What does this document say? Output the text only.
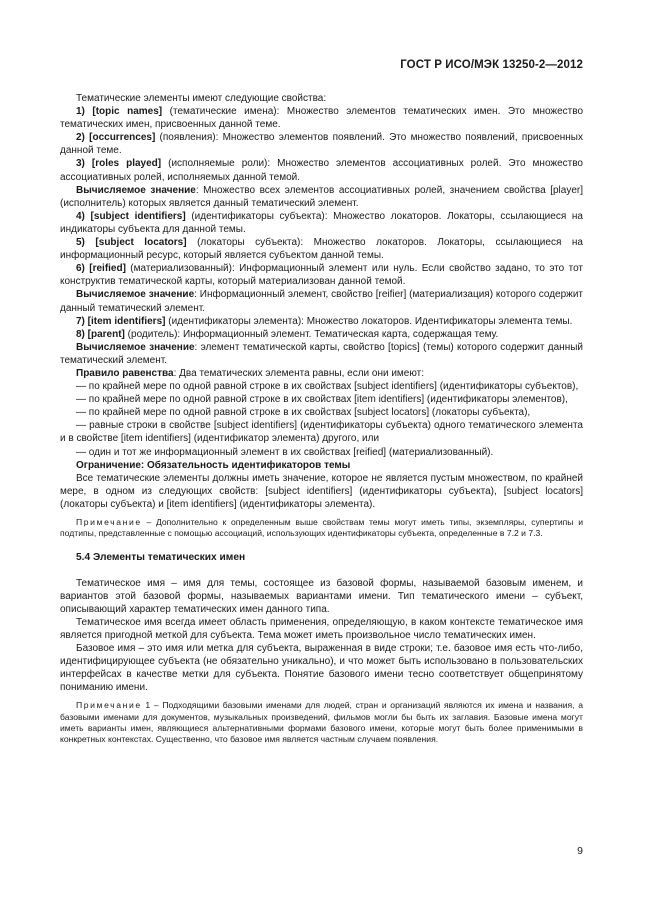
ГОСТ Р ИСО/МЭК 13250-2—2012

Тематические элементы имеют следующие свойства:

1) [topic names] (тематические имена): Множество элементов тематических имен. Это множество тематических имен, присвоенных данной теме.

2) [occurrences] (появления): Множество элементов появлений. Это множество появлений, присвоенных данной теме.

3) [roles played] (исполняемые роли): Множество элементов ассоциативных ролей. Это множество ассоциативных ролей, исполняемых данной темой.

Вычисляемое значение: Множество всех элементов ассоциативных ролей, значением свойства [player] (исполнитель) которых является данный тематический элемент.

4) [subject identifiers] (идентификаторы субъекта): Множество локаторов. Локаторы, ссылающиеся на индикаторы субъекта для данной темы.

5) [subject locators] (локаторы субъекта): Множество локаторов. Локаторы, ссылающиеся на информационный ресурс, который является субъектом данной темы.

6) [reified] (материализованный): Информационный элемент или нуль. Если свойство задано, то это тот конструктив тематической карты, который материализован данной темой.

Вычисляемое значение: Информационный элемент, свойство [reifier] (материализация) которого содержит данный тематический элемент.

7) [item identifiers] (идентификаторы элемента): Множество локаторов. Идентификаторы элемента темы.

8) [parent] (родитель): Информационный элемент. Тематическая карта, содержащая тему.

Вычисляемое значение: элемент тематической карты, свойство [topics] (темы) которого содержит данный тематический элемент.

Правило равенства: Два тематических элемента равны, если они имеют:

— по крайней мере по одной равной строке в их свойствах [subject identifiers] (идентификаторы субъектов),

— по крайней мере по одной равной строке в их свойствах [item identifiers] (идентификаторы элементов),

— по крайней мере по одной равной строке в их свойствах [subject locators] (локаторы субъекта),

— равные строки в свойстве [subject identifiers] (идентификаторы субъекта) одного тематического элемента и в свойстве [item identifiers] (идентификатор элемента) другого, или

— один и тот же информационный элемент в их свойствах [reified] (материализованный).

Ограничение: Обязательность идентификаторов темы

Все тематические элементы должны иметь значение, которое не является пустым множеством, по крайней мере, в одном из следующих свойств: [subject identifiers] (идентификаторы субъекта), [subject locators] (локаторы субъекта) и [item identifiers] (идентификаторы элемента).

Примечание – Дополнительно к определенным выше свойствам темы могут иметь типы, экземпляры, супертипы и подтипы, представленные с помощью ассоциаций, использующих идентификаторы субъекта, определенные в 7.2 и 7.3.

5.4 Элементы тематических имен

Тематическое имя – имя для темы, состоящее из базовой формы, называемой базовым именем, и вариантов этой базовой формы, называемых вариантами имени. Тип тематического имени – субъект, описывающий характер тематических имен данного типа.

Тематическое имя всегда имеет область применения, определяющую, в каком контексте тематическое имя является пригодной меткой для субъекта. Тема может иметь произвольное число тематических имен.

Базовое имя – это имя или метка для субъекта, выраженная в виде строки; т.е. базовое имя есть что-либо, идентифицирующее субъекта (не обязательно уникально), и что может быть использовано в пользовательских интерфейсах в качестве метки для субъекта. Понятие базового имени тесно соответствует общепринятому пониманию имени.

Примечание 1 – Подходящими базовыми именами для людей, стран и организаций являются их имена и названия, а базовыми именами для документов, музыкальных произведений, фильмов могли бы быть их заглавия. Базовые имена могут иметь варианты имен, являющиеся альтернативными формами базового имени, которые могут быть более применимыми в конкретных контекстах. Существенно, что базовое имя является частным случаем появления.

9
